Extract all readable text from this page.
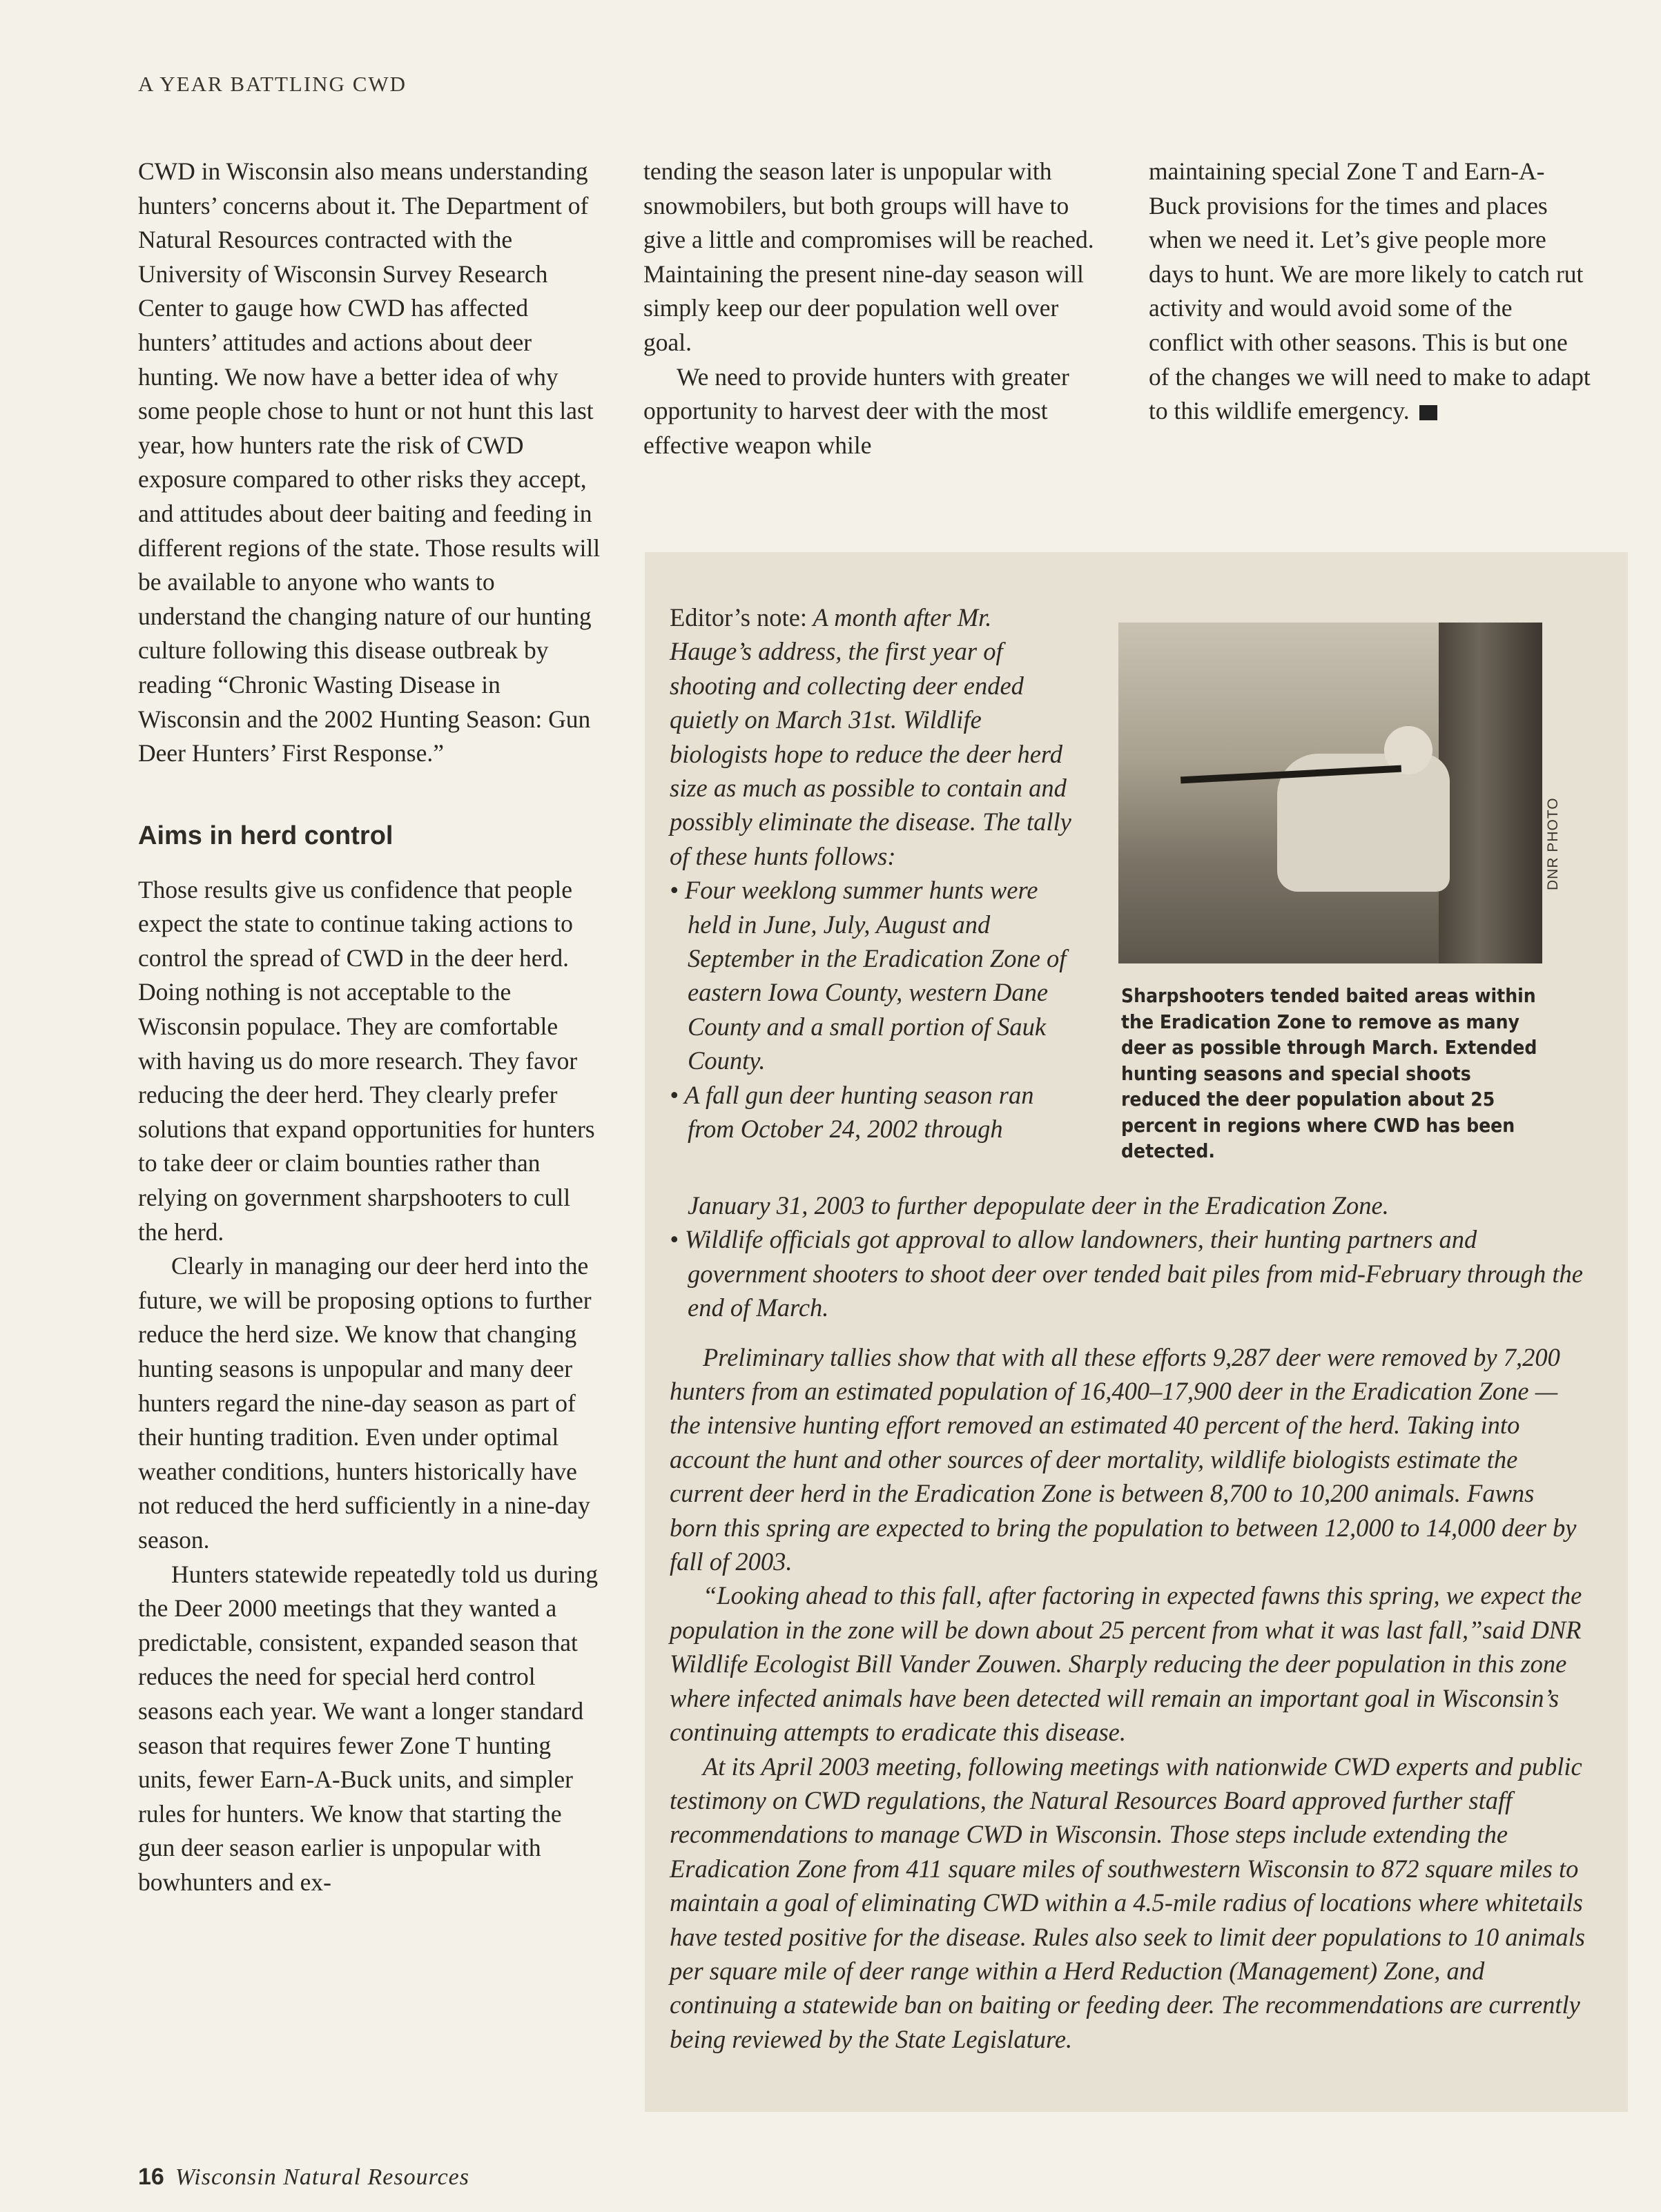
A YEAR BATTLING CWD

CWD in Wisconsin also means understanding hunters’ concerns about it. The Department of Natural Resources contracted with the University of Wisconsin Survey Research Center to gauge how CWD has affected hunters’ attitudes and actions about deer hunting. We now have a better idea of why some people chose to hunt or not hunt this last year, how hunters rate the risk of CWD exposure compared to other risks they accept, and attitudes about deer baiting and feeding in different regions of the state. Those results will be available to anyone who wants to understand the changing nature of our hunting culture following this disease outbreak by reading “Chronic Wasting Disease in Wisconsin and the 2002 Hunting Season: Gun Deer Hunters’ First Response.”

Aims in herd control

Those results give us confidence that people expect the state to continue taking actions to control the spread of CWD in the deer herd. Doing nothing is not acceptable to the Wisconsin populace. They are comfortable with having us do more research. They favor reducing the deer herd. They clearly prefer solutions that expand opportunities for hunters to take deer or claim bounties rather than relying on government sharpshooters to cull the herd.

Clearly in managing our deer herd into the future, we will be proposing options to further reduce the herd size. We know that changing hunting seasons is unpopular and many deer hunters regard the nine-day season as part of their hunting tradition. Even under optimal weather conditions, hunters historically have not reduced the herd sufficiently in a nine-day season.

Hunters statewide repeatedly told us during the Deer 2000 meetings that they wanted a predictable, consistent, expanded season that reduces the need for special herd control seasons each year. We want a longer standard season that requires fewer Zone T hunting units, fewer Earn-A-Buck units, and simpler rules for hunters. We know that starting the gun deer season earlier is unpopular with bowhunters and ex-

tending the season later is unpopular with snowmobilers, but both groups will have to give a little and compromises will be reached. Maintaining the present nine-day season will simply keep our deer population well over goal.

We need to provide hunters with greater opportunity to harvest deer with the most effective weapon while

maintaining special Zone T and Earn-A-Buck provisions for the times and places when we need it. Let’s give people more days to hunt. We are more likely to catch rut activity and would avoid some of the conflict with other seasons. This is but one of the changes we will need to make to adapt to this wildlife emergency.

Editor’s note: A month after Mr. Hauge’s address, the first year of shooting and collecting deer ended quietly on March 31st. Wildlife biologists hope to reduce the deer herd size as much as possible to contain and possibly eliminate the disease. The tally of these hunts follows:

• Four weeklong summer hunts were held in June, July, August and September in the Eradication Zone of eastern Iowa County, western Dane County and a small portion of Sauk County.

• A fall gun deer hunting season ran from October 24, 2002 through

DNR PHOTO
Sharpshooters tended baited areas within the Eradication Zone to remove as many deer as possible through March. Extended hunting seasons and special shoots reduced the deer population about 25 percent in regions where CWD has been detected.

January 31, 2003 to further depopulate deer in the Eradication Zone.

• Wildlife officials got approval to allow landowners, their hunting partners and government shooters to shoot deer over tended bait piles from mid-February through the end of March.

Preliminary tallies show that with all these efforts 9,287 deer were removed by 7,200 hunters from an estimated population of 16,400–17,900 deer in the Eradication Zone — the intensive hunting effort removed an estimated 40 percent of the herd. Taking into account the hunt and other sources of deer mortality, wildlife biologists estimate the current deer herd in the Eradication Zone is between 8,700 to 10,200 animals. Fawns born this spring are expected to bring the population to between 12,000 to 14,000 deer by fall of 2003.

“Looking ahead to this fall, after factoring in expected fawns this spring, we expect the population in the zone will be down about 25 percent from what it was last fall,”said DNR Wildlife Ecologist Bill Vander Zouwen. Sharply reducing the deer population in this zone where infected animals have been detected will remain an important goal in Wisconsin’s continuing attempts to eradicate this disease.

At its April 2003 meeting, following meetings with nationwide CWD experts and public testimony on CWD regulations, the Natural Resources Board approved further staff recommendations to manage CWD in Wisconsin. Those steps include extending the Eradication Zone from 411 square miles of southwestern Wisconsin to 872 square miles to maintain a goal of eliminating CWD within a 4.5-mile radius of locations where whitetails have tested positive for the disease. Rules also seek to limit deer populations to 10 animals per square mile of deer range within a Herd Reduction (Management) Zone, and continuing a statewide ban on baiting or feeding deer. The recommendations are currently being reviewed by the State Legislature.

16 Wisconsin Natural Resources
